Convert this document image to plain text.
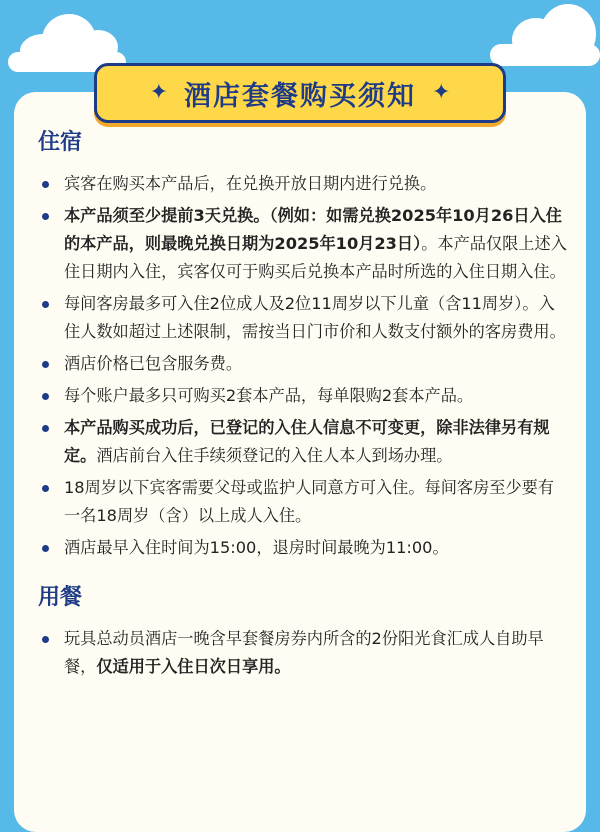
✦ 酒店套餐购买须知 ✦
住宿
宾客在购买本产品后，在兑换开放日期内进行兑换。
本产品须至少提前3天兑换。（例如：如需兑换2025年10月26日入住的本产品，则最晚兑换日期为2025年10月23日）。本产品仅限上述入住日期内入住，宾客仅可于购买后兑换本产品时所选的入住日期入住。
每间客房最多可入住2位成人及2位11周岁以下儿童（含11周岁）。入住人数如超过上述限制，需按当日门市价和人数支付额外的客房费用。
酒店价格已包含服务费。
每个账户最多只可购买2套本产品，每单限购2套本产品。
本产品购买成功后，已登记的入住人信息不可变更，除非法律另有规定。酒店前台入住手续须登记的入住人本人到场办理。
18周岁以下宾客需要父母或监护人同意方可入住。每间客房至少要有一名18周岁（含）以上成人入住。
酒店最早入住时间为15:00，退房时间最晚为11:00。
用餐
玩具总动员酒店一晚含早套餐房券内所含的2份阳光食汇成人自助早餐，仅适用于入住日次日享用。
